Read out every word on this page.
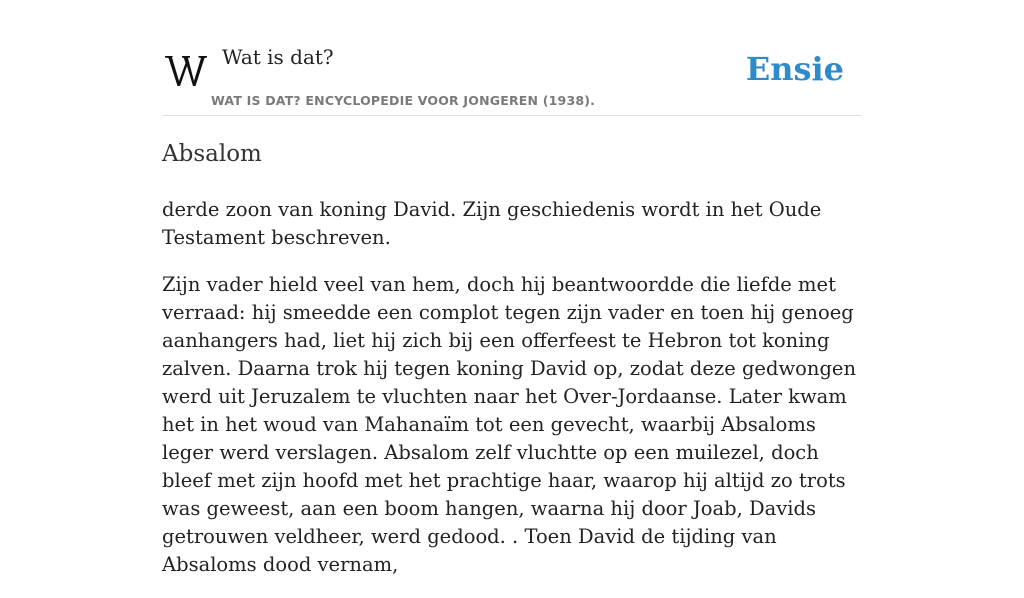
Wat is dat?
WAT IS DAT? ENCYCLOPEDIE VOOR JONGEREN (1938).
Ensie
Absalom

derde zoon van koning David. Zijn geschiedenis wordt in het Oude Testament beschreven.

Zijn vader hield veel van hem, doch hij beantwoordde die liefde met verraad: hij smeedde een complot tegen zijn vader en toen hij genoeg aanhangers had, liet hij zich bij een offerfeest te Hebron tot koning zalven. Daarna trok hij tegen koning David op, zodat deze gedwongen werd uit Jeruzalem te vluchten naar het Over-Jordaanse. Later kwam het in het woud van Mahanaïm tot een gevecht, waarbij Absaloms leger werd verslagen. Absalom zelf vluchtte op een muilezel, doch bleef met zijn hoofd met het prachtige haar, waarop hij altijd zo trots was geweest, aan een boom hangen, waarna hij door Joab, Davids getrouwen veldheer, werd gedood. . Toen David de tijding van Absaloms dood vernam,
